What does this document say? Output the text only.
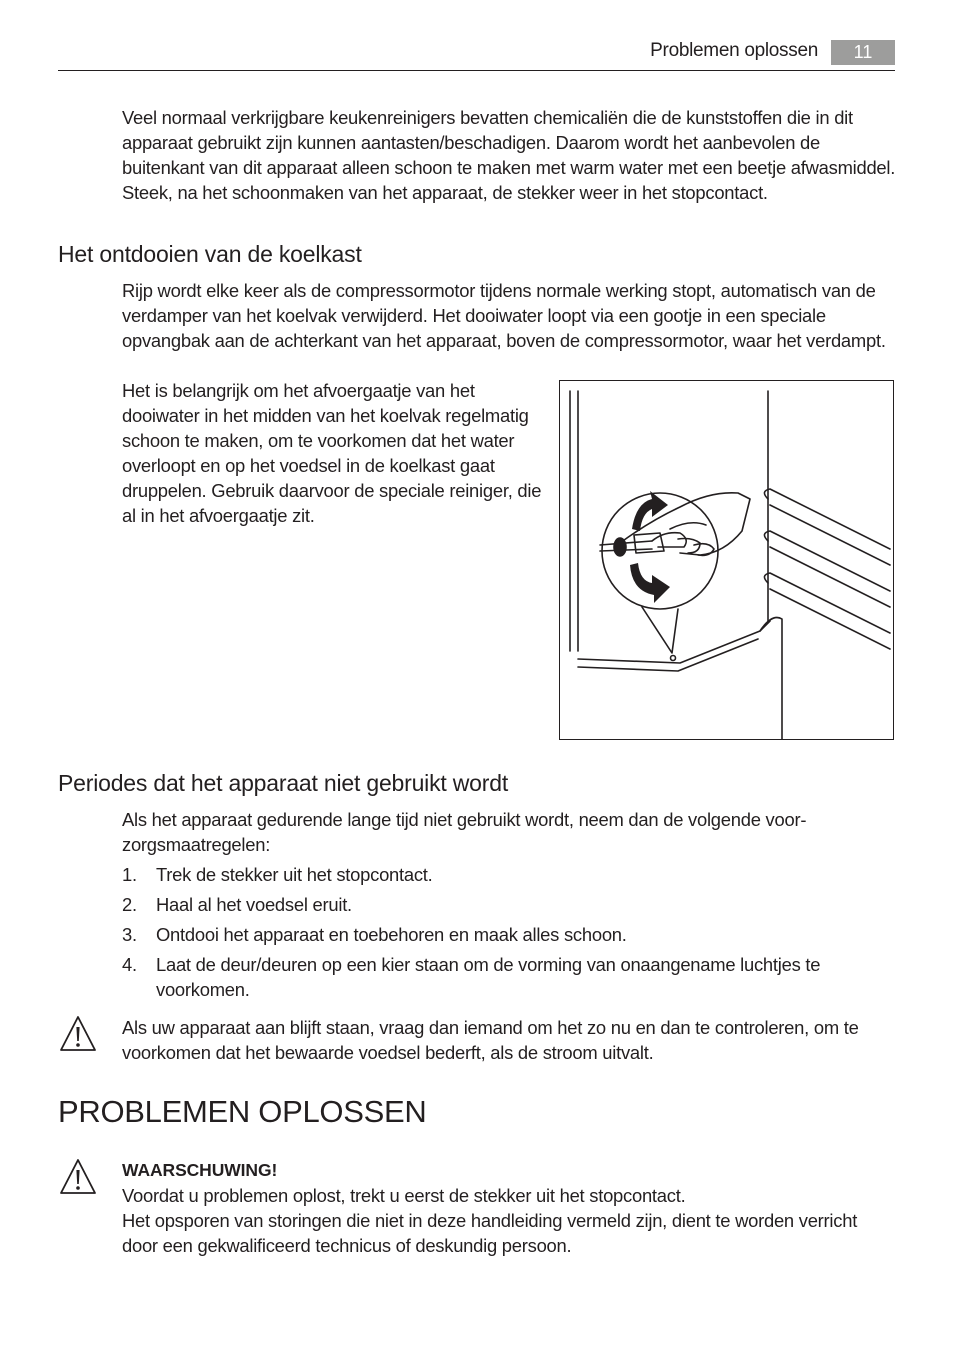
Problemen oplossen	11

Veel normaal verkrijgbare keukenreinigers bevatten chemicaliën die de kunststoffen die in dit apparaat gebruikt zijn kunnen aantasten/beschadigen. Daarom wordt het aanbevolen de buitenkant van dit apparaat alleen schoon te maken met warm water met een beetje afwasmiddel.

Steek, na het schoonmaken van het apparaat, de stekker weer in het stopcontact.

Het ontdooien van de koelkast
Rijp wordt elke keer als de compressormotor tijdens normale werking stopt, automatisch van de verdamper van het koelvak verwijderd. Het dooiwater loopt via een gootje in een speciale opvangbak aan de achterkant van het apparaat, boven de compressormotor, waar het verdampt.
Het is belangrijk om het afvoergaatje van het dooiwater in het midden van het koelvak regelmatig schoon te maken, om te voorkomen dat het water overloopt en op het voedsel in de koelkast gaat druppelen. Gebruik daarvoor de speciale reiniger, die al in het afvoergaatje zit.
Periodes dat het apparaat niet gebruikt wordt
Als het apparaat gedurende lange tijd niet gebruikt wordt, neem dan de volgende voorzorgsmaatregelen:
1. Trek de stekker uit het stopcontact.
2. Haal al het voedsel eruit.
3. Ontdooi het apparaat en toebehoren en maak alles schoon.
4. Laat de deur/deuren op een kier staan om de vorming van onaangename luchtjes te voorkomen.
Als uw apparaat aan blijft staan, vraag dan iemand om het zo nu en dan te controleren, om te voorkomen dat het bewaarde voedsel bederft, als de stroom uitvalt.
PROBLEMEN OPLOSSEN

WAARSCHUWING!

Voordat u problemen oplost, trekt u eerst de stekker uit het stopcontact.

Het opsporen van storingen die niet in deze handleiding vermeld zijn, dient te worden verricht door een gekwalificeerd technicus of deskundig persoon.
